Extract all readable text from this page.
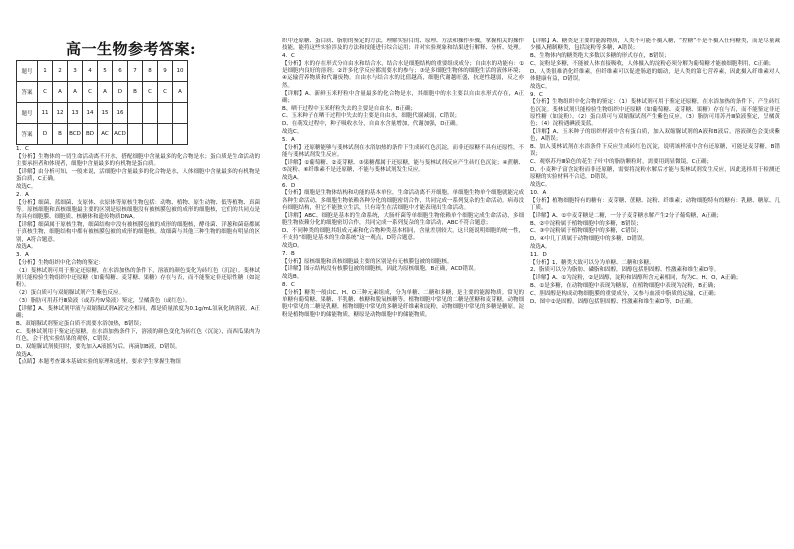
高一生物参考答案:
题号	1	2	3	4	5	6	7	8	9	10
答案	C	A	A	C	A	D	B	C	C	A
题号	11	12	13	14	15	16				
答案	D	B	BCD	BD	AC	ACD				

1．C

【分析】生物体的一切生命活动离不开水，搭配细胞中含量最多的化合物是水；蛋白质是生命活动的主要承担者和体现者，细胞中含量最多的有机物是蛋白质。

【详解】由分析可知，一般来说，活细胞中含量最多的化合物是水，人体细胞中含量最多的有机物是蛋白质，C正确。

故选C。

2．A

【分析】细菌、蓝细菌、支原体、衣原体等原核生物包括：动物、植物、原生动物、低等植物、真菌等。原核细胞和真核细胞最主要的区别是原核细胞没有被核膜包被的成形的细胞核，它们的共同点是均具有细胞膜、细胞质、核糖体和遗传物质DNA。

【详解】细菌属于原核生物，细菌结构中没有被核膜包被的成形的细胞核，酵母菌、洋葱和菌菇都属于真核生物，细胞结构中都有被核膜包被的成形的细胞核。故细菌与其他三种生物的细胞有明显的区别，A符合题意。

故选A。

3．A

【分析】生物组织中化合物的鉴定：

（1）斐林试剂可用于鉴定还原糖，在水浴加热的条件下，溶液的颜色变化为砖红色（沉淀）。斐林试剂只能检验生物组织中还原糖（如葡萄糖、麦芽糖、果糖）存在与否，而不能鉴定非还原性糖（如淀粉）。

（2）蛋白质可与双缩脲试剂产生紫色反应。

（3）脂肪可用苏丹Ⅲ染液（或苏丹Ⅳ染液）鉴定，呈橘黄色（或红色）。

【详解】A、斐林试剂甲液与双缩脲试剂A液完全相同，都是质量浓度为0.1g/mL氢氧化钠溶液，A正确；

B、双缩脲试剂鉴定蛋白质不需要水浴加热，B错误；

C、斐林试剂用于鉴定还原糖，在水浴加热条件下，溶液的颜色变化为砖红色（沉淀），而西瓜果肉为红色，会干扰实验结果的观察，C错误；

D、双缩脲试剂使用时，要先加入A液摇匀后，再滴加B液，D错误。

故选A。

【点睛】本题考查课本基础实验的原理和选材，要求学生掌握生物组

织中还原糖、蛋白质、脂肪的鉴定的方法，理解实验目的、原理、方法和操作步骤，掌握相关的操作技能，能将这些实验涉及的方法和技能进行综合运用；并对实验现象和结果进行解释、分析、处理。

4．C

【分析】水的存在形式分自由水和结合水，结合水是细胞结构的重要组成成分；自由水的功能有：①是细胞内良好的溶剂；②许多化学反应都需要水的参与；③是多细胞生物体的细胞生活的液体环境；④运输营养物质和代谢废物。自由水与结合水的比值越高，细胞代谢越旺盛，抗逆性越弱，反之亦然。

【详解】A、新鲜玉米籽粒中含量最多的化合物是水，其细胞中的水主要以自由水形式存在，A正确；

B、晒干过程中玉米籽粒失去的主要是自由水，B正确；

C、玉米种子在晒干过程中失去的主要是自由水，细胞代谢减弱，C错误；

D、在萌发过程中，种子吸收水分，自由水含量增加，代谢加强，D正确。

故选C。

5．A

【分析】还原糖能够与斐林试剂在水浴加热的条件下生成砖红色沉淀，而非还原糖不具有还原性，不能与斐林试剂发生反应。

【详解】①葡萄糖、②麦芽糖、③果糖都属于还原糖，能与斐林试剂反应产生砖红色沉淀；④蔗糖、⑤淀粉、⑥纤维素不是还原糖，不能与斐林试剂发生反应。

故选A。

6．D

【分析】细胞是生物体结构和功能的基本单位，生命活动离不开细胞。单细胞生物单个细胞就能完成各种生命活动，多细胞生物依赖各种分化的细胞密切合作，共同完成一系列复杂的生命活动。病毒没有细胞结构，但它不能独立生活，只有寄生在活细胞中才能表现出生命活动。

【详解】ABC、细胞是基本的生命系统，大肠杆菌等单细胞生物依赖单个细胞完成生命活动，多细胞生物依赖分化的细胞密切合作，共同完成一系列复杂的生命活动，ABC不符合题意；

D、不同种类的细胞其组成元素和化合物种类基本相同，含量差别较大，这只能说明细胞的统一性，不支持“细胞是基本的生命系统”这一观点，D符合题意。

故选D。

7．B

【分析】原核细胞和真核细胞最主要的区别是有无核膜包被的细胞核。

【详解】图示结构没有核膜包被的细胞核，因此为原核细胞，B正确，ACD错误。

故选B。

8．C

【分析】糖类一般由C、H、O三种元素组成，分为单糖、二糖和多糖，是主要的能源物质。常见的单糖有葡萄糖、果糖、半乳糖、核糖和脱氧核糖等。植物细胞中常见的二糖是蔗糖和麦芽糖，动物细胞中常见的二糖是乳糖。植物细胞中常见的多糖是纤维素和淀粉，动物细胞中常见的多糖是糖原。淀粉是植物细胞中的储能物质，糖原是动物细胞中的储能物质。

【详解】A、糖类是主要的能源物质，人类不可能不摄入糖，“控糖”不是不摄入任何糖类，而是尽量减少摄入精制糖类，包括淀粉等多糖，A错误；

B、生物体内的糖类绝大多数以多糖的形式存在，B错误；

C、淀粉是多糖，不能被人体直接吸收，人体摄入的淀粉必须分解为葡萄糖才能被细胞利用，C正确；

D、人类很难消化纤维素，但纤维素可以促进肠道的蠕动，是人类的第七营养素，因此摄入纤维素对人体健康有益，D错误。

故选C。

9．C

【分析】生物组织中化合物的鉴定：（1）斐林试剂可用于鉴定还原糖，在水浴加热的条件下，产生砖红色沉淀。斐林试剂只能检验生物组织中还原糖（如葡萄糖、麦芽糖、果糖）存在与否，而不能鉴定非还原性糖（如淀粉）。（2）蛋白质可与双缩脲试剂产生紫色反应。（3）脂肪可用苏丹Ⅲ染液鉴定，呈橘黄色；（4）淀粉遇碘液变蓝。

【详解】A、玉米种子的组织样液中含有蛋白质，加入双缩脲试剂的A液和B液后，溶液颜色会变成紫色，A错误；

B、加入斐林试剂在水浴条件下反应生成砖红色沉淀，说明该样液中含有还原糖，可能是麦芽糖，B错误；

C、观察苏丹Ⅲ染色的花生子叶中的脂肪颗粒时，需要用到显微镜，C正确；

D、小麦种子富含淀粉而非还原糖，需要将淀粉水解后才能与斐林试剂发生反应，因此选择用于检测还原糖的实验材料不合适，D错误。

故选C。

10．A

【分析】植物细胞特有的糖有：麦芽糖、蔗糖、淀粉、纤维素；动物细胞特有的糖有：乳糖、糖原、几丁质。

【详解】A、①中麦芽糖是二糖，一分子麦芽糖水解产生2分子葡萄糖，A正确；

B、②中淀粉属于植物细胞中的多糖，B错误；

C、③中淀粉属于植物细胞中的多糖，C错误；

D、④中几丁质属于动物细胞中的多糖，D错误。

故选A。

11．D

【分析】1、糖类大致可以分为单糖、二糖和多糖。

2、脂质可以分为脂肪、磷脂和固醇，固醇包括胆固醇、性激素和维生素D等。

【详解】A、①为淀粉，②是固醇，淀粉和固醇所含元素相同，均为C、H、O，A正确；

B、①是多糖，在动物细胞中表现为糖原，在植物细胞中表现为淀粉，B正确；

C、胆固醇是构成动物细胞膜的重要成分，又参与血液中脂质的运输，C正确；

D、图中②是固醇，固醇包括胆固醇、性激素和维生素D等，D正确。
